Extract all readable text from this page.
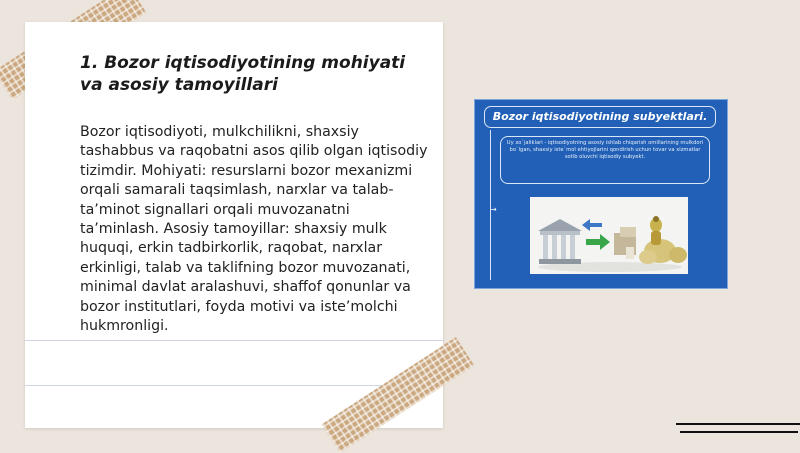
1. Bozor iqtisodiyotining mohiyati va asosiy tamoyillari

Bozor iqtisodiyoti, mulkchilikni, shaxsiy tashabbus va raqobatni asos qilib olgan iqtisodiy tizimdir. Mohiyati: resurslarni bozor mexanizmi orqali samarali taqsimlash, narxlar va talab-ta’minot signallari orqali muvozanatni ta’minlash. Asosiy tamoyillar: shaxsiy mulk huquqi, erkin tadbirkorlik, raqobat, narxlar erkinligi, talab va taklifning bozor muvozanati, minimal davlat aralashuvi, shaffof qonunlar va bozor institutlari, foyda motivi va iste’molchi hukmronligi.

Bozor iqtisodiyotining subyektlari.
Uy xo`jaliklari - iqtisodiyotning asosiy ishlab chiqarish omillarining mulkdori bo`lgan, shaxsiy iste`mol ehtiyojlarini qondirish uchun tovar va xizmatlar sotib oluvchi iqtisodiy subyekt.
→
